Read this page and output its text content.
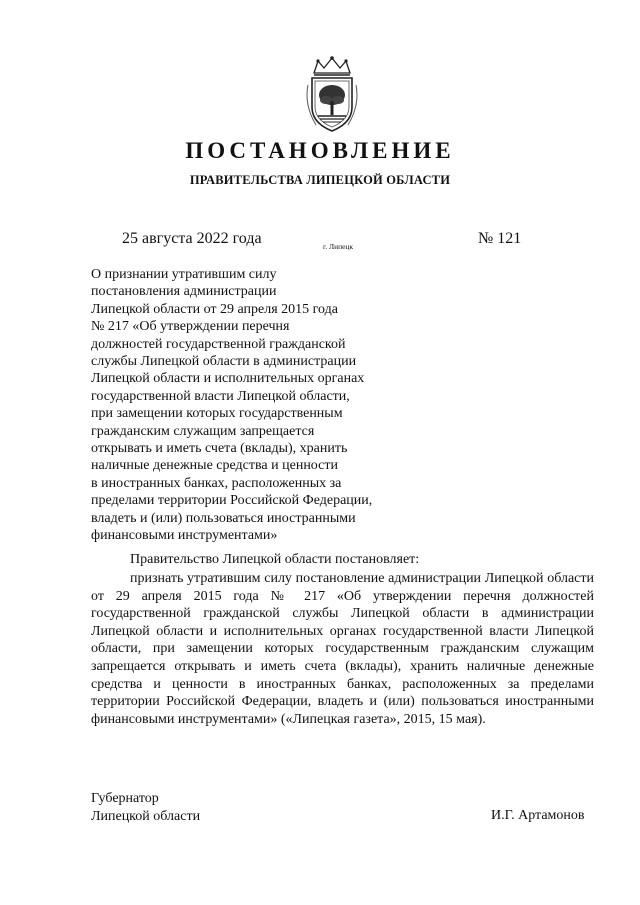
ПОСТАНОВЛЕНИЕ
ПРАВИТЕЛЬСТВА ЛИПЕЦКОЙ ОБЛАСТИ
25 августа 2022 года	г. Липецк	№ 121
О признании утратившим силу
постановления администрации
Липецкой области от 29 апреля 2015 года
№ 217 «Об утверждении перечня
должностей государственной гражданской
службы Липецкой области в администрации
Липецкой области и исполнительных органах
государственной власти Липецкой области,
при замещении которых государственным
гражданским служащим запрещается
открывать и иметь счета (вклады), хранить
наличные денежные средства и ценности
в иностранных банках, расположенных за
пределами территории Российской Федерации,
владеть и (или) пользоваться иностранными
финансовыми инструментами»
Правительство Липецкой области постановляет:
признать утратившим силу постановление администрации Липецкой области от 29 апреля 2015 года № 217 «Об утверждении перечня должностей государственной гражданской службы Липецкой области в администрации Липецкой области и исполнительных органах государственной власти Липецкой области, при замещении которых государственным гражданским служащим запрещается открывать и иметь счета (вклады), хранить наличные денежные средства и ценности в иностранных банках, расположенных за пределами территории Российской Федерации, владеть и (или) пользоваться иностранными финансовыми инструментами» («Липецкая газета», 2015, 15 мая).
Губернатор
Липецкой области	И.Г. Артамонов
